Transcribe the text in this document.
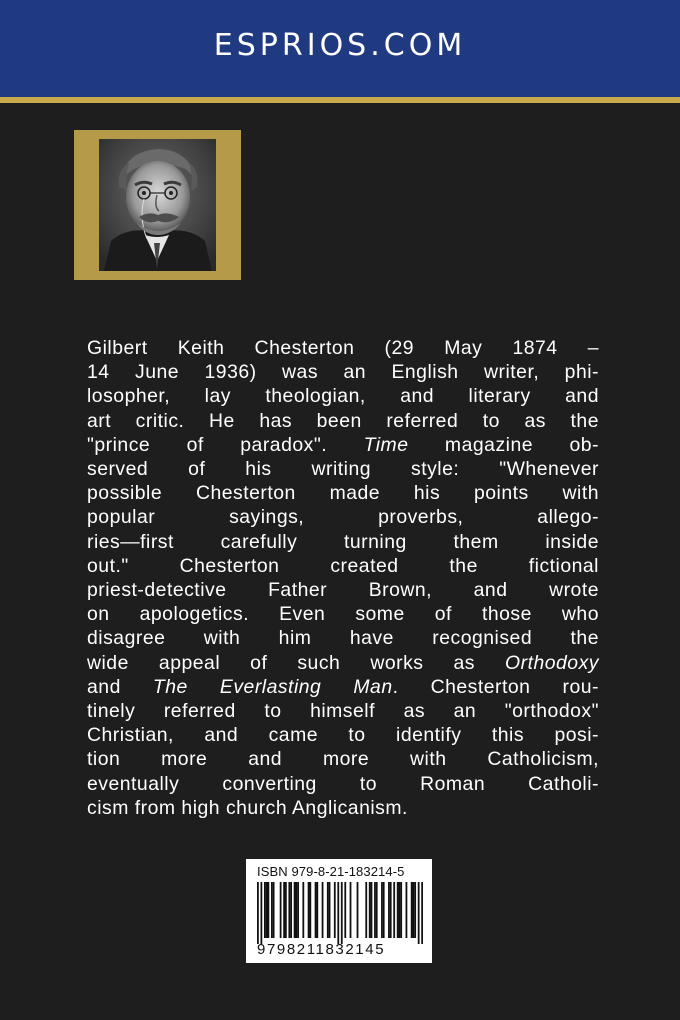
ESPRIOS.COM
Gilbert Keith Chesterton (29 May 1874 –
14 June 1936) was an English writer, phi-
losopher, lay theologian, and literary and
art critic. He has been referred to as the
"prince of paradox". Time magazine ob-
served of his writing style: "Whenever
possible Chesterton made his points with
popular sayings, proverbs, allego-
ries—first carefully turning them inside
out." Chesterton created the fictional
priest-detective Father Brown, and wrote
on apologetics. Even some of those who
disagree with him have recognised the
wide appeal of such works as Orthodoxy
and The Everlasting Man. Chesterton rou-
tinely referred to himself as an "orthodox"
Christian, and came to identify this posi-
tion more and more with Catholicism,
eventually converting to Roman Catholi-
cism from high church Anglicanism.
ISBN 979-8-21-183214-5
9798211832145
